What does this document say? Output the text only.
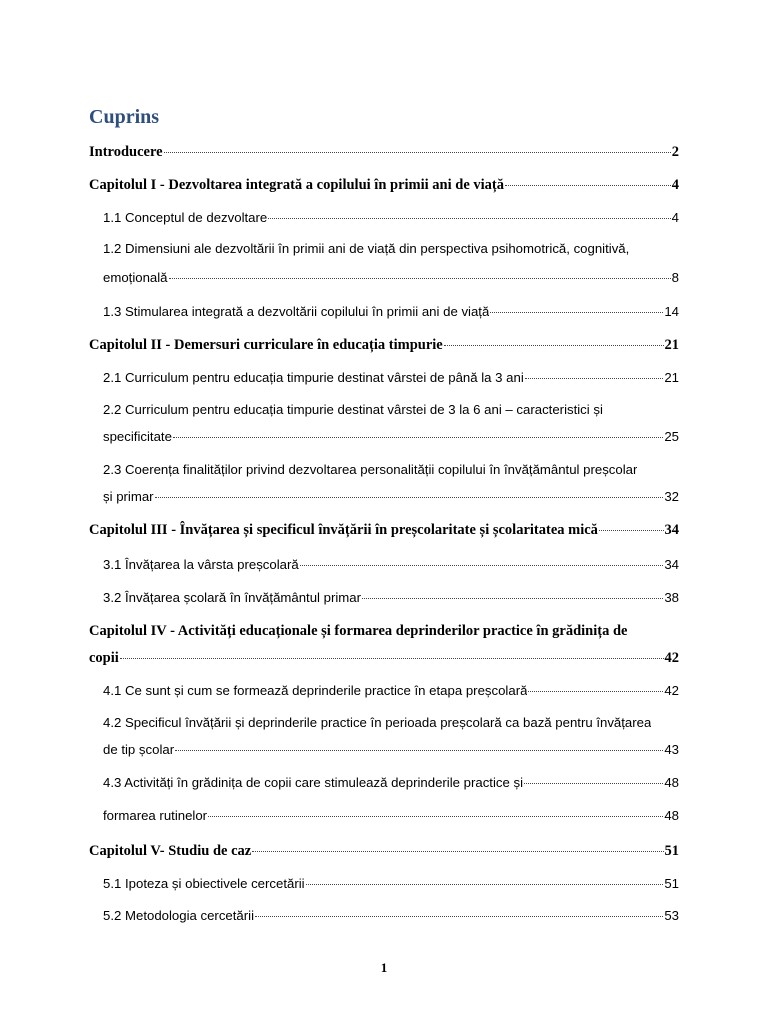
Cuprins
Introducere	2
Capitolul I - Dezvoltarea integrată a copilului în primii ani de viață	4
1.1 Conceptul de dezvoltare	4
1.2 Dimensiuni ale dezvoltării în primii ani de viață din perspectiva psihomotrică, cognitivă,
emoțională	8
1.3 Stimularea integrată a dezvoltării copilului în primii ani de viață	14
Capitolul II - Demersuri curriculare în educația timpurie	21
2.1 Curriculum pentru educația timpurie destinat vârstei de până la 3 ani	21
2.2 Curriculum pentru educația timpurie destinat vârstei de 3 la 6 ani – caracteristici și
specificitate	25
2.3 Coerența finalităților privind dezvoltarea personalității copilului în învățământul preșcolar
și primar	32
Capitolul III - Învățarea și specificul învățării în preșcolaritate și școlaritatea mică	34
3.1 Învățarea la vârsta preșcolară	34
3.2 Învățarea școlară în învățământul primar	38
Capitolul IV - Activități educaționale și formarea deprinderilor practice în grădinița de
copii	42
4.1 Ce sunt și cum se formează deprinderile practice în etapa preșcolară	42
4.2 Specificul învățării și deprinderile practice în perioada preșcolară ca bază pentru învățarea
de tip școlar	43
4.3 Activități în grădinița de copii care stimulează deprinderile practice și	48
formarea rutinelor	48
Capitolul V- Studiu de caz	51
5.1 Ipoteza și obiectivele cercetării	51
5.2 Metodologia cercetării	53
1
